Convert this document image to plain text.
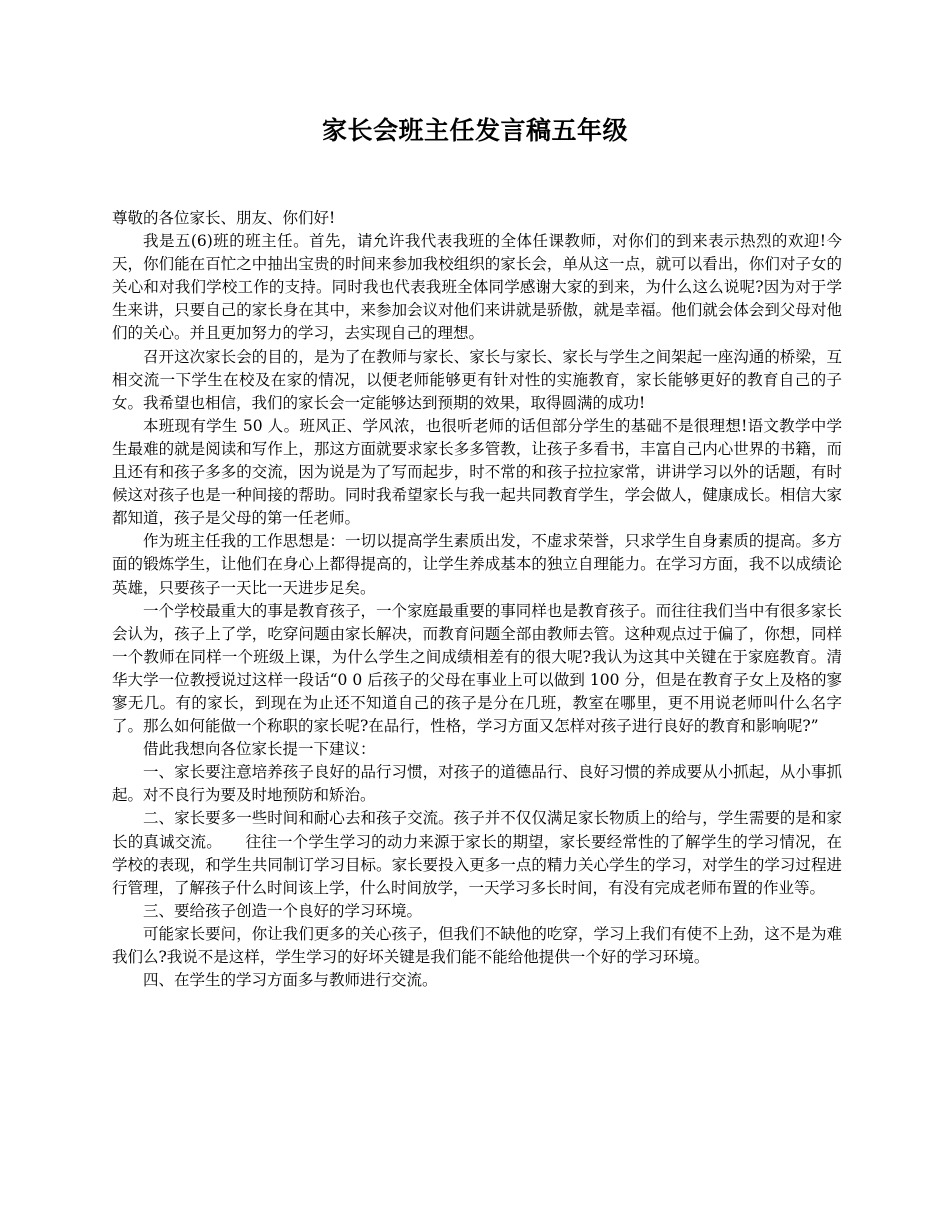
家长会班主任发言稿五年级

尊敬的各位家长、朋友、你们好!

我是五(6)班的班主任。首先，请允许我代表我班的全体任课教师，对你们的到来表示热烈的欢迎!今天，你们能在百忙之中抽出宝贵的时间来参加我校组织的家长会，单从这一点，就可以看出，你们对子女的关心和对我们学校工作的支持。同时我也代表我班全体同学感谢大家的到来，为什么这么说呢?因为对于学生来讲，只要自己的家长身在其中，来参加会议对他们来讲就是骄傲，就是幸福。他们就会体会到父母对他们的关心。并且更加努力的学习，去实现自己的理想。

召开这次家长会的目的，是为了在教师与家长、家长与家长、家长与学生之间架起一座沟通的桥梁，互相交流一下学生在校及在家的情况，以便老师能够更有针对性的实施教育，家长能够更好的教育自己的子女。我希望也相信，我们的家长会一定能够达到预期的效果，取得圆满的成功!

本班现有学生 50 人。班风正、学风浓，也很听老师的话但部分学生的基础不是很理想!语文教学中学生最难的就是阅读和写作上，那这方面就要求家长多多管教，让孩子多看书，丰富自己内心世界的书籍，而且还有和孩子多多的交流，因为说是为了写而起步，时不常的和孩子拉拉家常，讲讲学习以外的话题，有时候这对孩子也是一种间接的帮助。同时我希望家长与我一起共同教育学生，学会做人，健康成长。相信大家都知道，孩子是父母的第一任老师。

作为班主任我的工作思想是：一切以提高学生素质出发，不虚求荣誉，只求学生自身素质的提高。多方面的锻炼学生，让他们在身心上都得提高的，让学生养成基本的独立自理能力。在学习方面，我不以成绩论英雄，只要孩子一天比一天进步足矣。

一个学校最重大的事是教育孩子，一个家庭最重要的事同样也是教育孩子。而往往我们当中有很多家长会认为，孩子上了学，吃穿问题由家长解决，而教育问题全部由教师去管。这种观点过于偏了，你想，同样一个教师在同样一个班级上课，为什么学生之间成绩相差有的很大呢?我认为这其中关键在于家庭教育。清华大学一位教授说过这样一段话“0 0 后孩子的父母在事业上可以做到 100 分，但是在教育子女上及格的寥寥无几。有的家长，到现在为止还不知道自己的孩子是分在几班，教室在哪里，更不用说老师叫什么名字了。那么如何能做一个称职的家长呢?在品行，性格，学习方面又怎样对孩子进行良好的教育和影响呢?”

借此我想向各位家长提一下建议：

一、家长要注意培养孩子良好的品行习惯，对孩子的道德品行、良好习惯的养成要从小抓起，从小事抓起。对不良行为要及时地预防和矫治。

二、家长要多一些时间和耐心去和孩子交流。孩子并不仅仅满足家长物质上的给与，学生需要的是和家长的真诚交流。　　往往一个学生学习的动力来源于家长的期望，家长要经常性的了解学生的学习情况，在学校的表现，和学生共同制订学习目标。家长要投入更多一点的精力关心学生的学习，对学生的学习过程进行管理，了解孩子什么时间该上学，什么时间放学，一天学习多长时间，有没有完成老师布置的作业等。

三、要给孩子创造一个良好的学习环境。

可能家长要问，你让我们更多的关心孩子，但我们不缺他的吃穿，学习上我们有使不上劲，这不是为难我们么?我说不是这样，学生学习的好坏关键是我们能不能给他提供一个好的学习环境。

四、在学生的学习方面多与教师进行交流。
